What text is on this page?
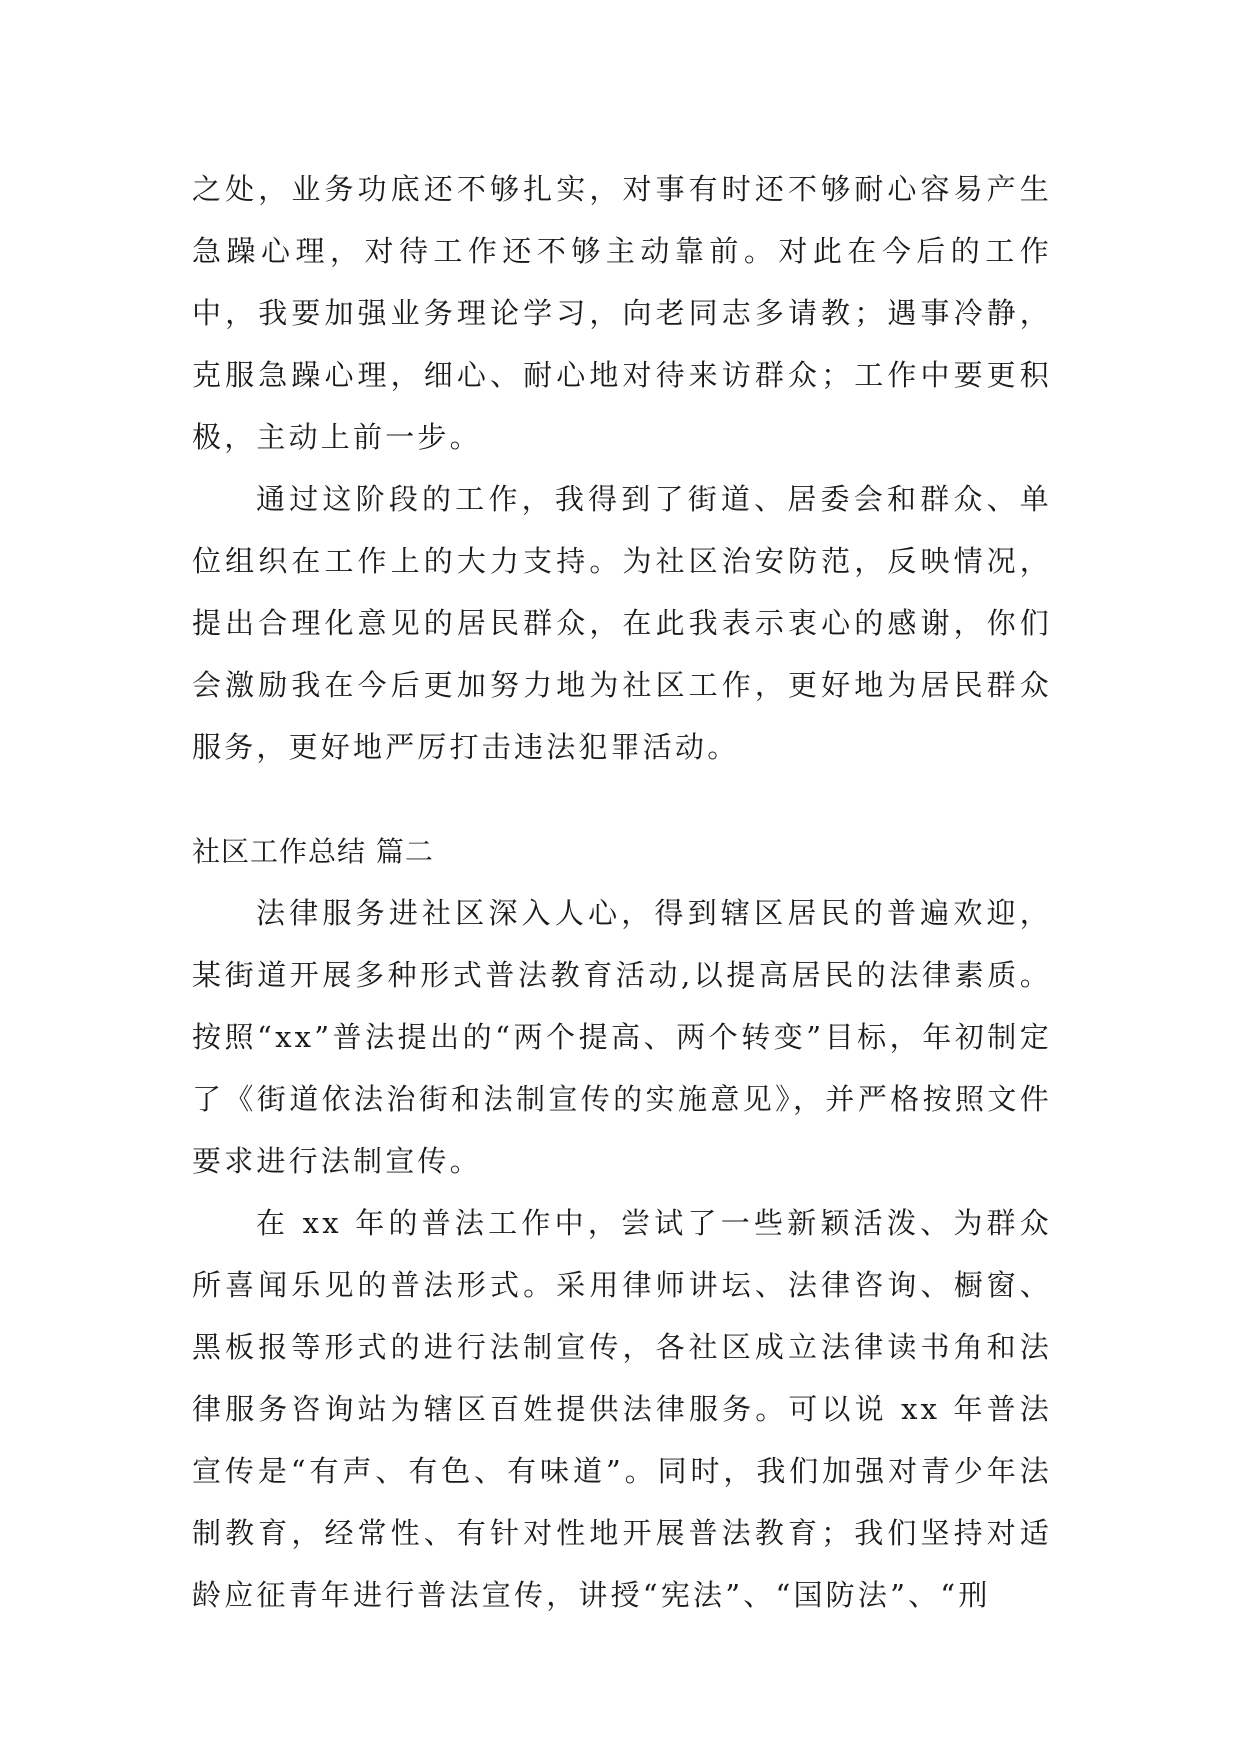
之处，业务功底还不够扎实，对事有时还不够耐心容易产生急躁心理，对待工作还不够主动靠前。对此在今后的工作中，我要加强业务理论学习，向老同志多请教；遇事冷静，克服急躁心理，细心、耐心地对待来访群众；工作中要更积极，主动上前一步。

通过这阶段的工作，我得到了街道、居委会和群众、单位组织在工作上的大力支持。为社区治安防范，反映情况，提出合理化意见的居民群众，在此我表示衷心的感谢，你们会激励我在今后更加努力地为社区工作，更好地为居民群众服务，更好地严厉打击违法犯罪活动。

社区工作总结 篇二

法律服务进社区深入人心，得到辖区居民的普遍欢迎，某街道开展多种形式普法教育活动,以提高居民的法律素质。按照“xx”普法提出的“两个提高、两个转变”目标，年初制定了《街道依法治街和法制宣传的实施意见》，并严格按照文件要求进行法制宣传。

在 xx 年的普法工作中，尝试了一些新颖活泼、为群众所喜闻乐见的普法形式。采用律师讲坛、法律咨询、橱窗、黑板报等形式的进行法制宣传，各社区成立法律读书角和法律服务咨询站为辖区百姓提供法律服务。可以说 xx 年普法宣传是“有声、有色、有味道”。同时，我们加强对青少年法制教育，经常性、有针对性地开展普法教育；我们坚持对适龄应征青年进行普法宣传，讲授“宪法”、“国防法”、“刑
